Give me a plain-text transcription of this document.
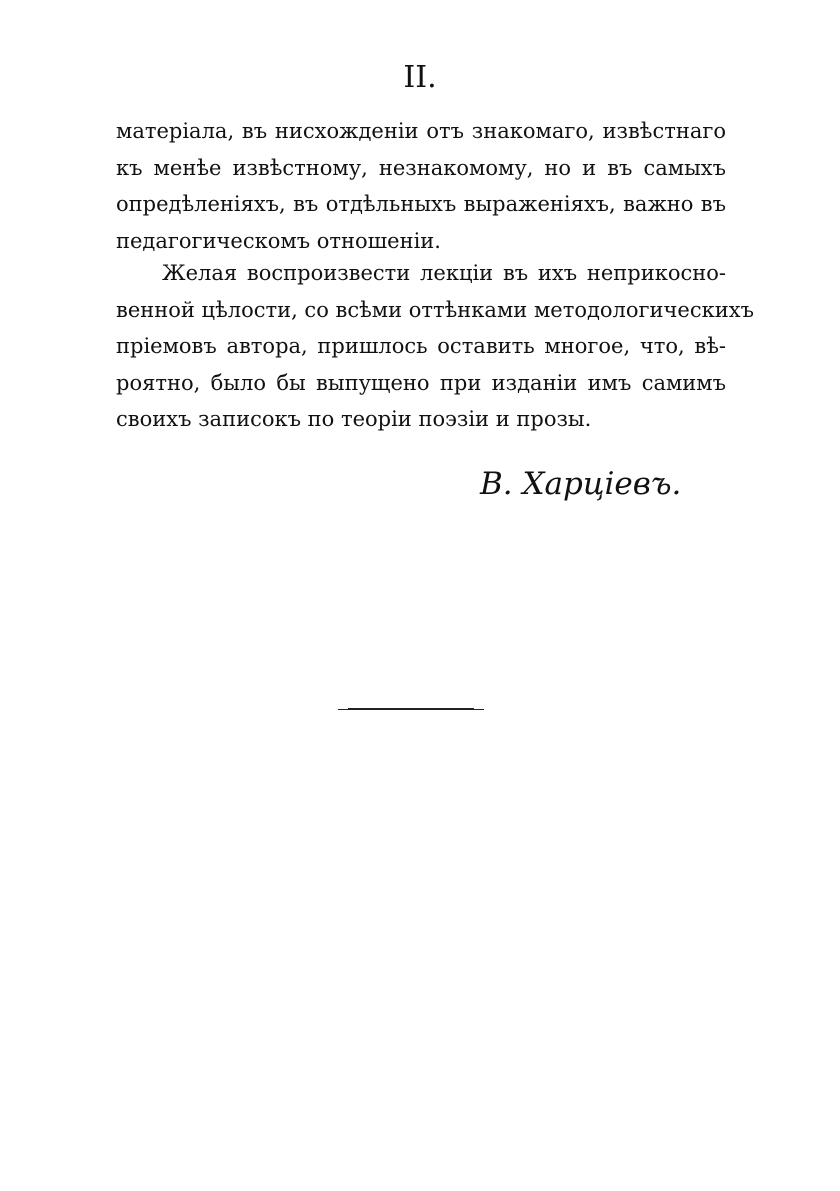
II.
матеріала, въ нисхожденіи отъ знакомаго, извѣстнаго
къ менѣе извѣстному, незнакомому, но и въ самыхъ
опредѣленіяхъ, въ отдѣльныхъ выраженіяхъ, важно въ
педагогическомъ отношеніи.
Желая воспроизвести лекціи въ ихъ неприкосно-
венной цѣлости, со всѣми оттѣнками методологическихъ
пріемовъ автора, пришлось оставить многое, что, вѣ-
роятно, было бы выпущено при изданіи имъ самимъ
своихъ записокъ по теоріи поэзіи и прозы.
В. Харціевъ.
